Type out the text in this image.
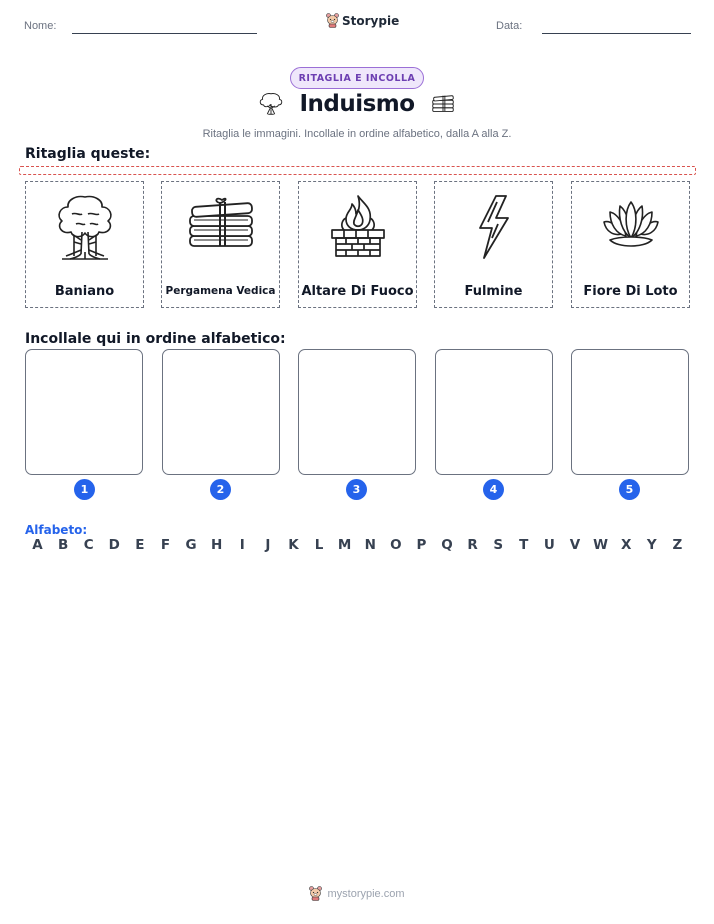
Nome:	Storypie	Data:
RITAGLIA E INCOLLA
Induismo
Ritaglia le immagini. Incollale in ordine alfabetico, dalla A alla Z.
Ritaglia queste:
Baniano	Pergamena Vedica Altare Di Fuoco	Fulmine	Fiore Di Loto
Incollale qui in ordine alfabetico:
1	2	3	4	5
Alfabeto:
A	B	C	D	E	F	G	H	I	J	K	L	M N	O	P	Q	R	S	T	U	V W X	Y	Z
mystorypie.com
